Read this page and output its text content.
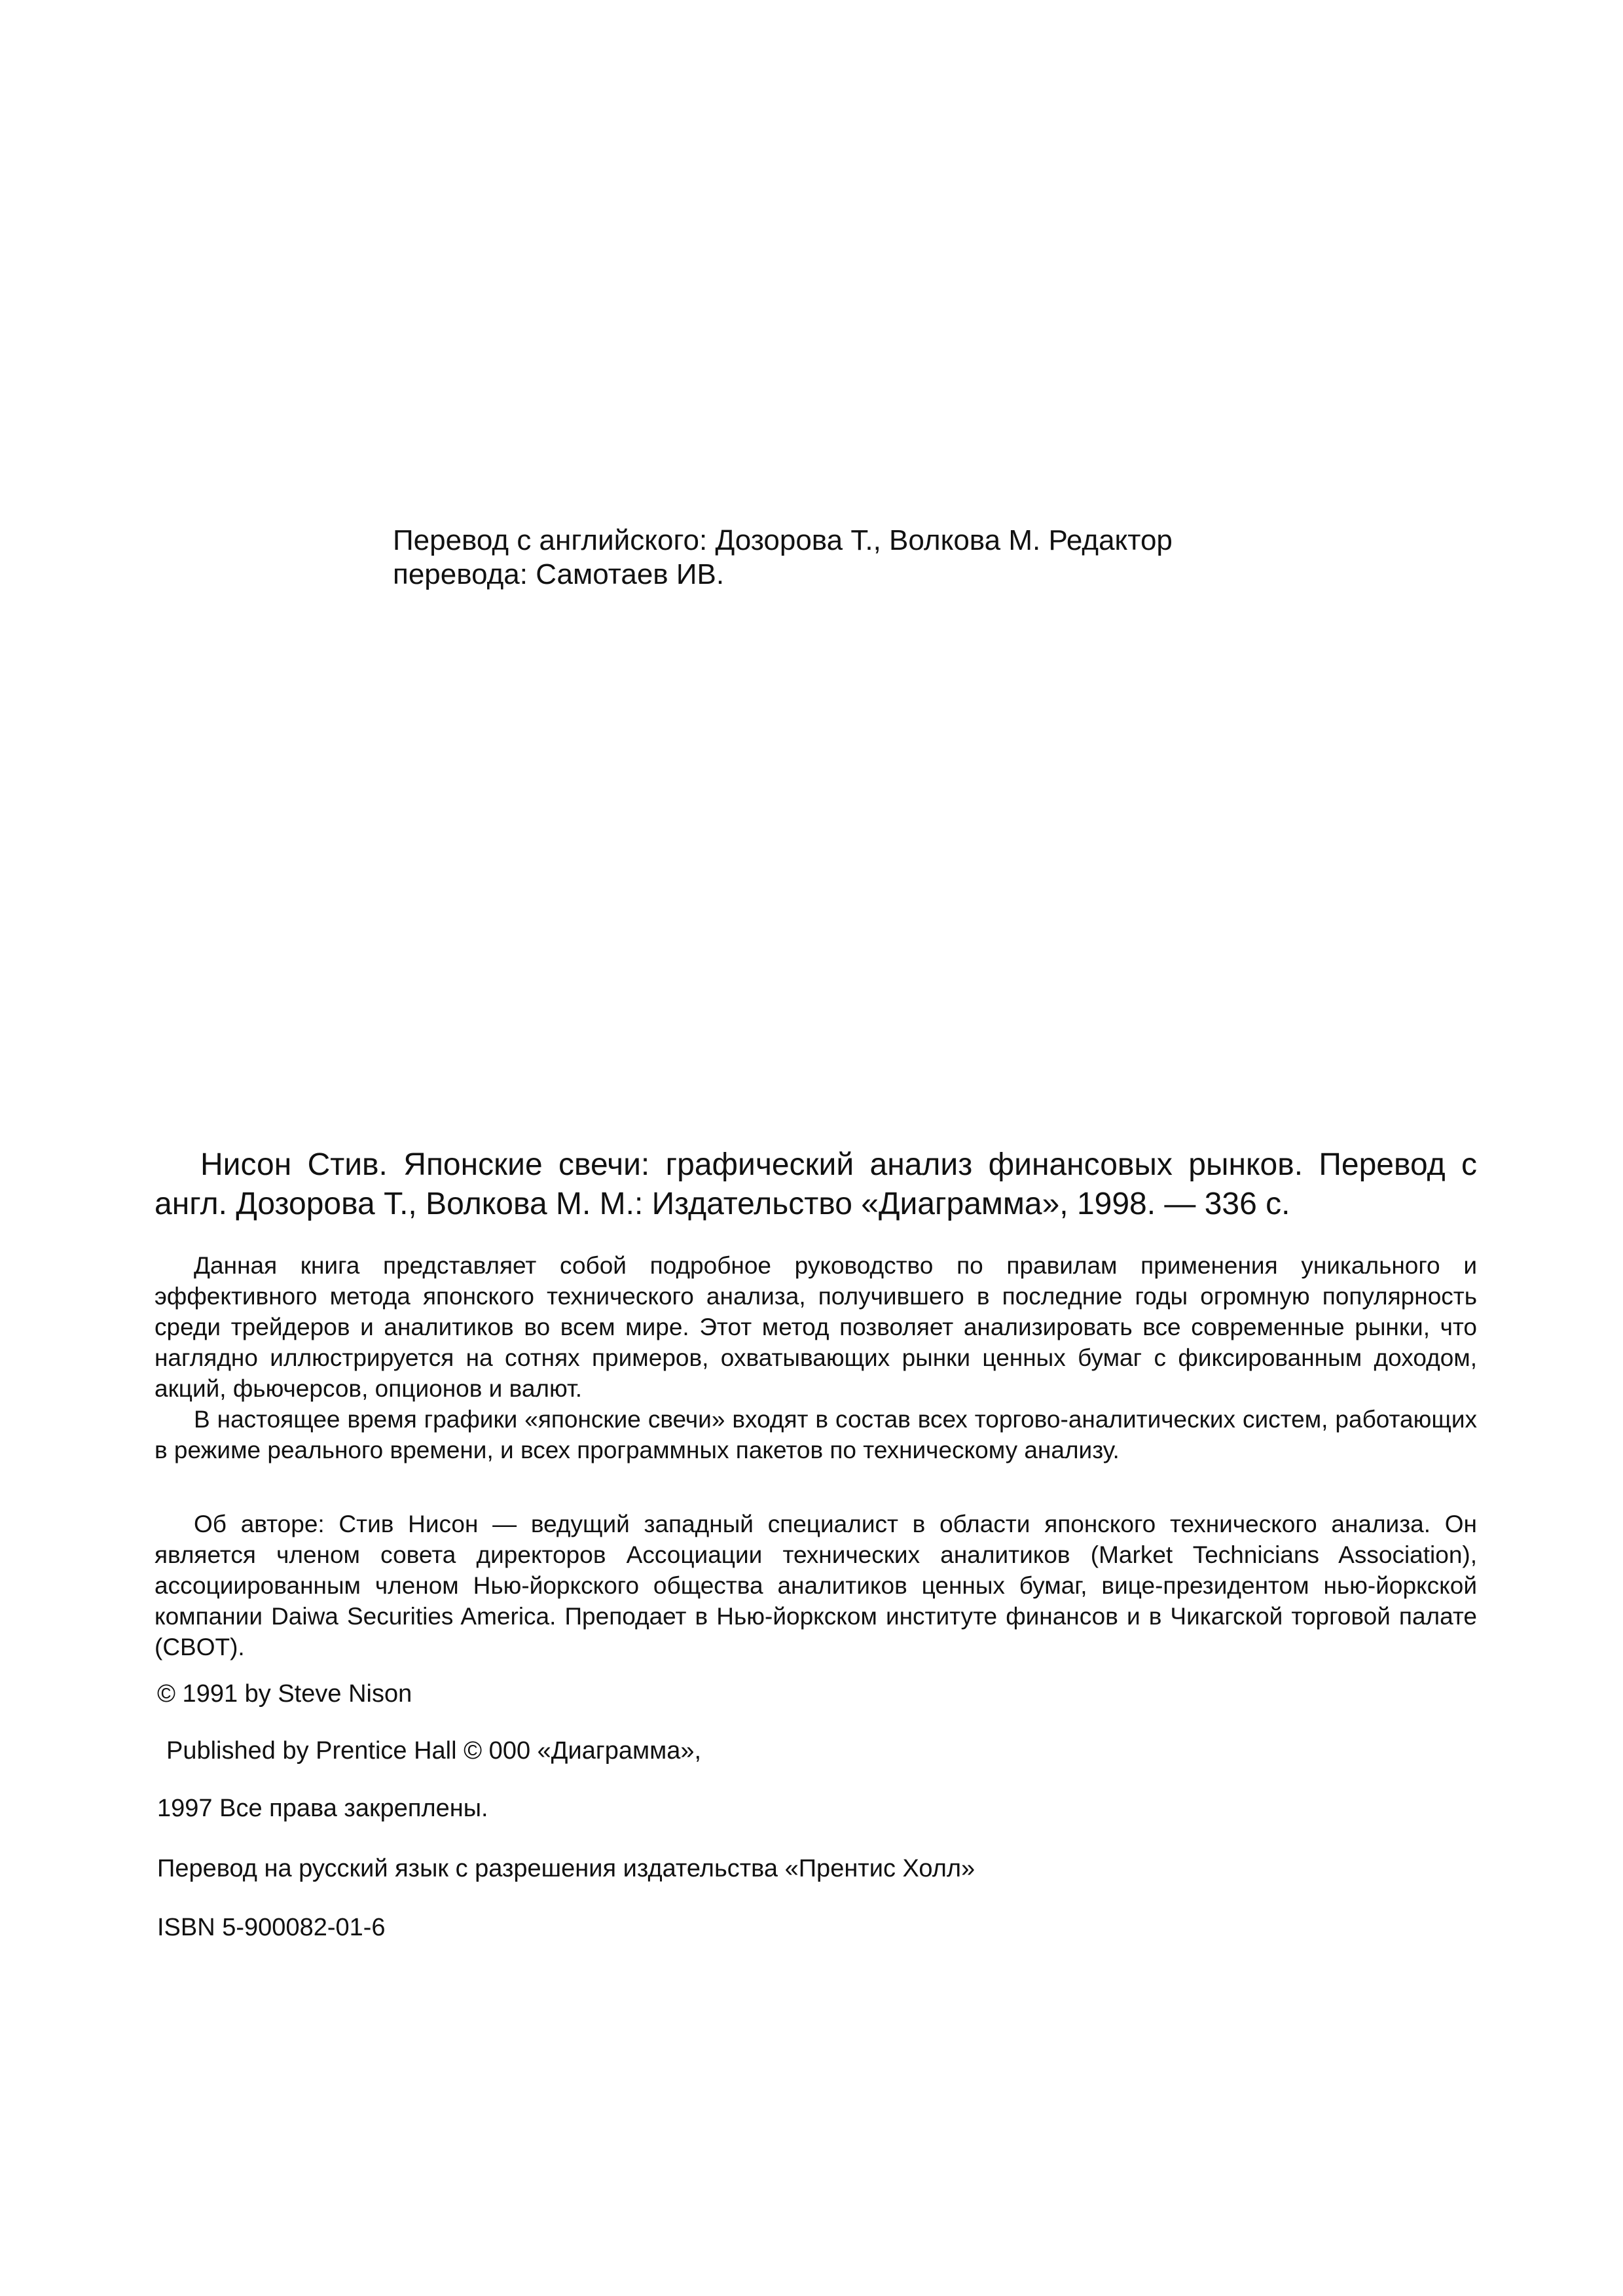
Перевод с английского: Дозорова Т., Волкова М. Редактор перевода: Самотаев ИВ.
Нисон Стив. Японские свечи: графический анализ финансовых рынков. Перевод с англ. Дозорова Т., Волкова М. М.: Издательство «Диаграмма», 1998. — 336 с.

Данная книга представляет собой подробное руководство по правилам применения уникального и эффективного метода японского технического анализа, получившего в последние годы огромную популярность среди трейдеров и аналитиков во всем мире. Этот метод позволяет анализировать все современные рынки, что наглядно иллюстрируется на сотнях примеров, охватывающих рынки ценных бумаг с фиксированным доходом, акций, фьючерсов, опционов и валют.

В настоящее время графики «японские свечи» входят в состав всех торгово-аналитических систем, работающих в режиме реального времени, и всех программных пакетов по техническому анализу.

Об авторе: Стив Нисон — ведущий западный специалист в области японского технического анализа. Он является членом совета директоров Ассоциации технических аналитиков (Market Technicians Association), ассоциированным членом Нью-йоркского общества аналитиков ценных бумаг, вице-президентом нью-йоркской компании Daiwa Securities America. Преподает в Нью-йоркском институте финансов и в Чикагской торговой палате (CBOT).

© 1991 by Steve Nison
Published by Prentice Hall © 000 «Диаграмма»,
1997 Все права закреплены.
Перевод на русский язык с разрешения издательства «Прентис Холл»
ISBN 5-900082-01-6
